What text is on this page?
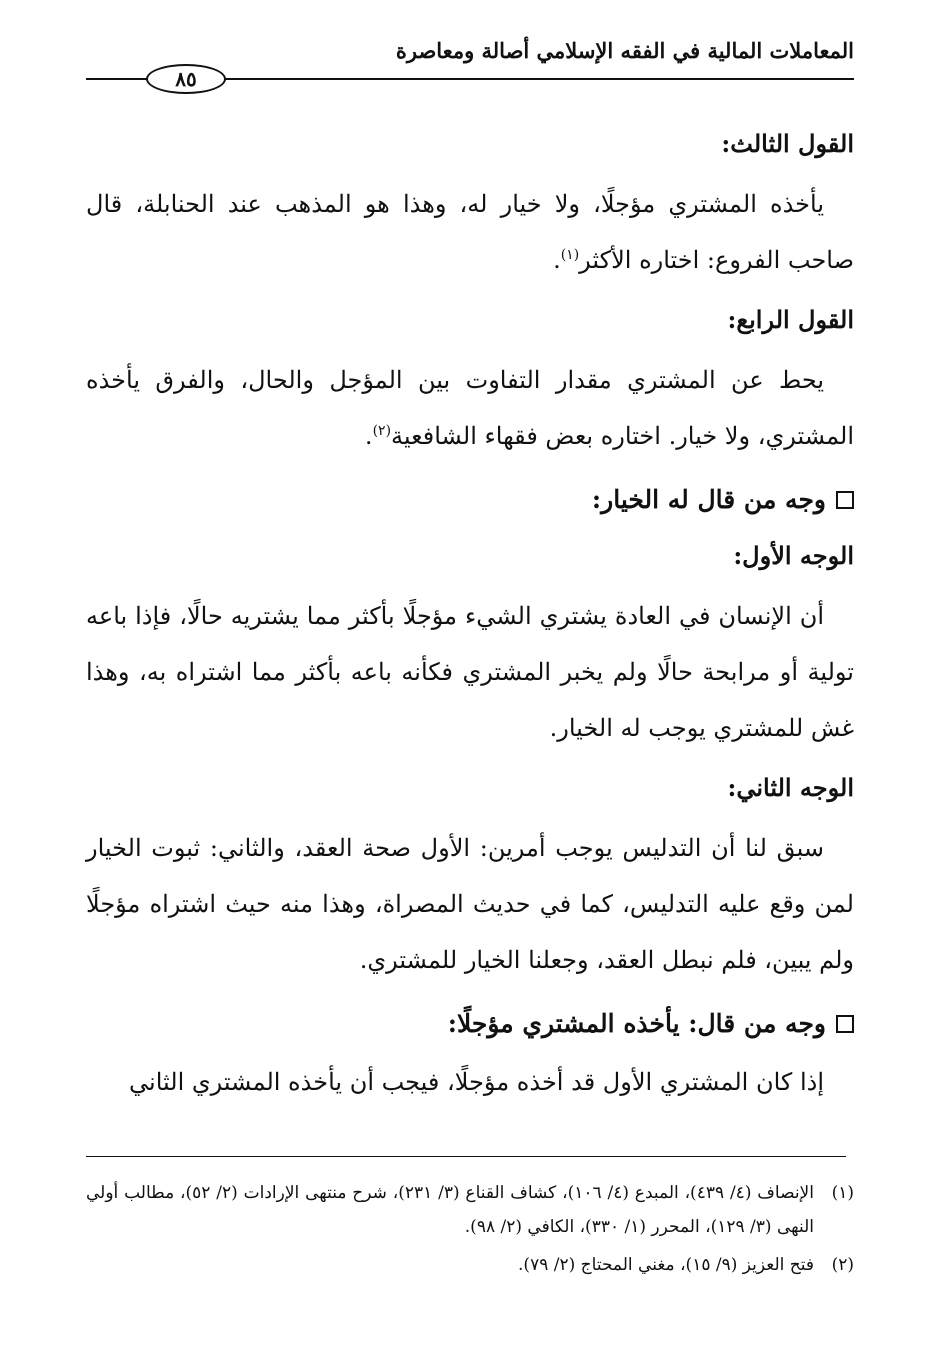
المعاملات المالية في الفقه الإسلامي أصالة ومعاصرة
٨٥

القول الثالث:

يأخذه المشتري مؤجلًا، ولا خيار له، وهذا هو المذهب عند الحنابلة، قال صاحب الفروع: اختاره الأكثر$^{(١)}$.

القول الرابع:

يحط عن المشتري مقدار التفاوت بين المؤجل والحال، والفرق يأخذه المشتري، ولا خيار. اختاره بعض فقهاء الشافعية$^{(٢)}$.

وجه من قال له الخيار:

الوجه الأول:

أن الإنسان في العادة يشتري الشيء مؤجلًا بأكثر مما يشتريه حالًا، فإذا باعه تولية أو مرابحة حالًا ولم يخبر المشتري فكأنه باعه بأكثر مما اشتراه به، وهذا غش للمشتري يوجب له الخيار.

الوجه الثاني:

سبق لنا أن التدليس يوجب أمرين: الأول صحة العقد، والثاني: ثبوت الخيار لمن وقع عليه التدليس، كما في حديث المصراة، وهذا منه حيث اشتراه مؤجلًا ولم يبين، فلم نبطل العقد، وجعلنا الخيار للمشتري.

وجه من قال: يأخذه المشتري مؤجلًا:

إذا كان المشتري الأول قد أخذه مؤجلًا، فيجب أن يأخذه المشتري الثاني

(١)
الإنصاف (٤/ ٤٣٩)، المبدع (٤/ ١٠٦)، كشاف القناع (٣/ ٢٣١)، شرح منتهى الإرادات (٢/ ٥٢)، مطالب أولي النهى (٣/ ١٢٩)، المحرر (١/ ٣٣٠)، الكافي (٢/ ٩٨).

(٢)
فتح العزيز (٩/ ١٥)، مغني المحتاج (٢/ ٧٩).
